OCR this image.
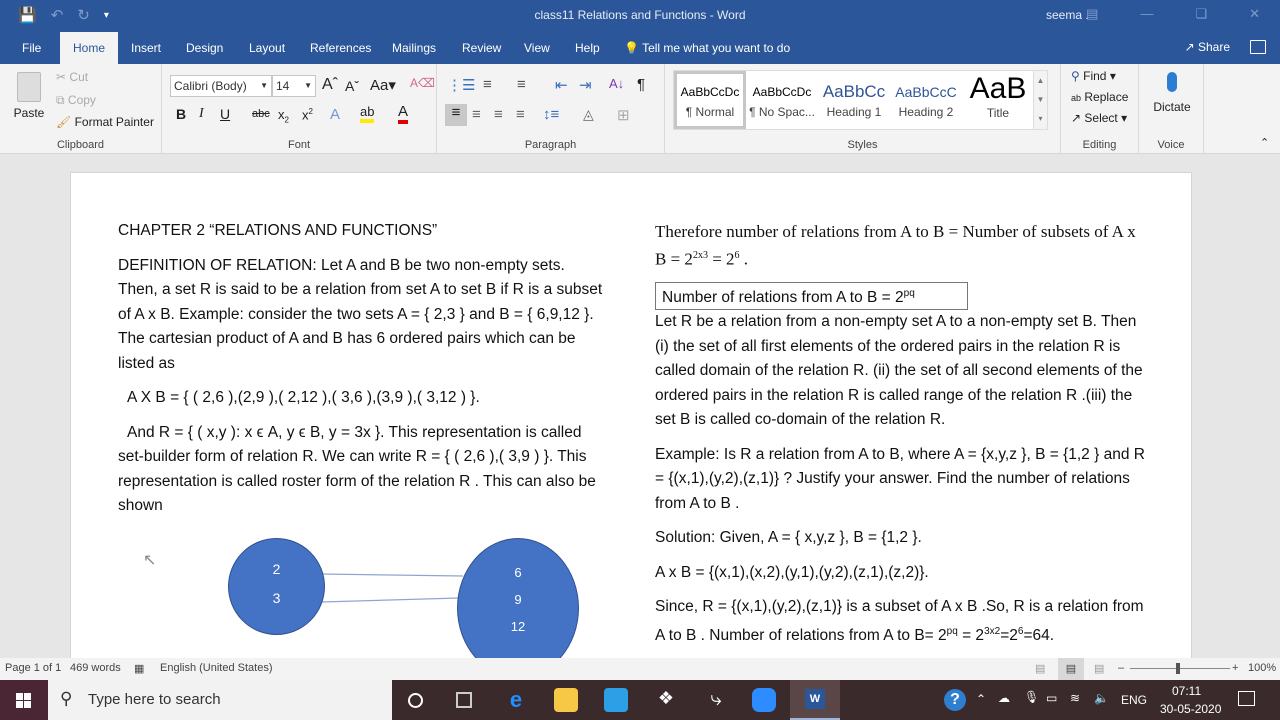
💾 ↶ ↻ ▾	class11 Relations and Functions - Word	seema .
▤	—	❏	✕
File	Home	Insert	Design	Layout	References	Mailings	Review	View	Help	💡 Tell me what you want to do	↗ Share
Paste
✂ Cut
⧉ Copy
🖌 Format Painter
Clipboard
Calibri (Body) ▼ 14 ▼ Aˆ Aˇ Aa▾ A⌫
B I U abc $x_2$ $x^2$ A ab A
Font
⋮☰ ≡ ≡ ⇤ ⇥ A↓ ¶
≡ ≡ ≡ ≡ ↕≡ ◬ ⊞
Paragraph	Styles
AaBbCcDc
¶ Normal
AaBbCcDc
¶ No Spac...
AaBbCc
Heading 1
AaBbCcC
Heading 2
AaB
Title
▲
▼
▾
⚲ Find ▾
ab Replace
↗ Select ▾
Editing
Dictate
Voice	⌃
CHAPTER 2 “RELATIONS AND FUNCTIONS”
DEFINITION OF RELATION: Let A and B be two non-empty sets. Then, a set R is said to be a relation from set A to set B if R is a subset of A x B. Example: consider the two sets A = { 2,3 } and B = { 6,9,12 }. The cartesian product of A and B has 6 ordered pairs which can be listed as
A X B = { ( 2,6 ),(2,9 ),( 2,12 ),( 3,6 ),(3,9 ),( 3,12 ) }.
And R = { ( x,y ): x ϵ A, y ϵ B, y = 3x }. This representation is called set-builder form of relation R. We can write R = { ( 2,6 ),( 3,9 ) }. This representation is called roster form of the relation R . This can also be shown
2
3
6
9
12
Therefore number of relations from A to B = Number of subsets of A x $B = 2^{2x3} = 2^6$ .
Number of relations from A to $B = 2^{pq}$
Let R be a relation from a non-empty set A to a non-empty set B. Then (i) the set of all first elements of the ordered pairs in the relation R is called domain of the relation R. (ii) the set of all second elements of the ordered pairs in the relation R is called range of the relation R .(iii) the set B is called co-domain of the relation R.
Example: Is R a relation from A to B, where A = {x,y,z }, B = {1,2 } and R = {(x,1),(y,2),(z,1)} ? Justify your answer. Find the number of relations from A to B .
Solution: Given, A = { x,y,z }, B = {1,2 }.
A x B = {(x,1),(x,2),(y,1),(y,2),(z,1),(z,2)}.
Since, R = {(x,1),(y,2),(z,1)} is a subset of A x B .So, R is a relation from A to B . Number of relations from A to $B= 2^{pq} = 2^{3x2}=2^6=64$.
↖
Page 1 of 1 469 words ▦ English (United States)	▤	▤	▤ –	+ 100%
⚲ Type here to search	e	❖	⤷	W	?	⌃ ☁ 🎙 ▭ ≋ 🔈 ENG
07:11
30-05-2020
